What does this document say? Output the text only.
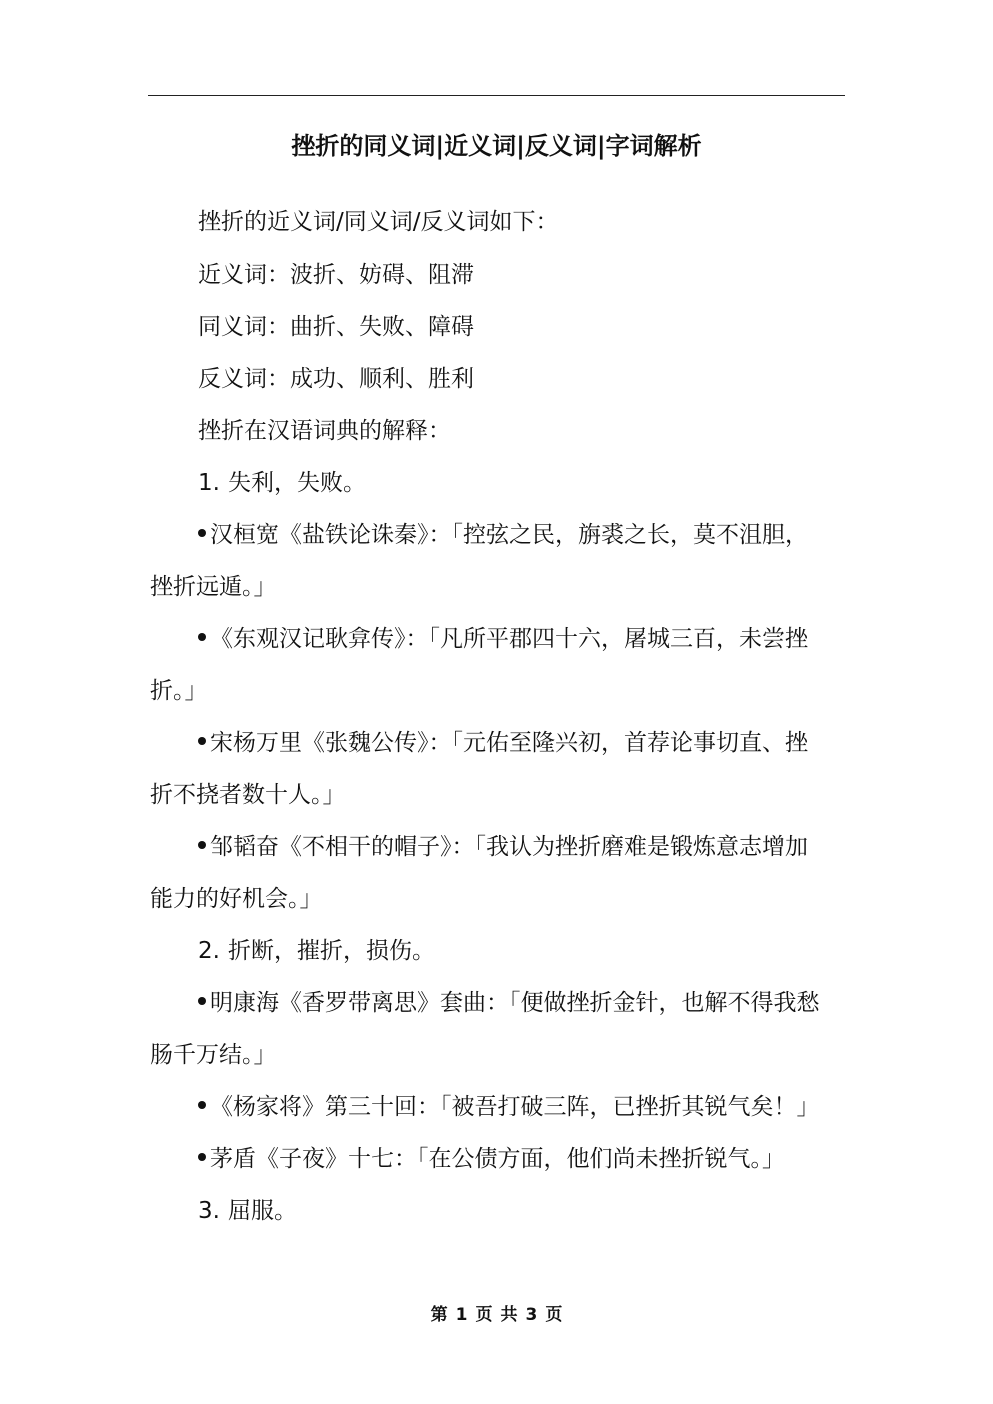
挫折的同义词|近义词|反义词|字词解析
挫折的近义词/同义词/反义词如下：
近义词：波折、妨碍、阻滞
同义词：曲折、失败、障碍
反义词：成功、顺利、胜利
挫折在汉语词典的解释：
1. 失利，失败。
汉桓宽《盐铁论诛秦》：「控弦之民，旃裘之长，莫不沮胆，
挫折远遁。」
《东观汉记耿弇传》：「凡所平郡四十六，屠城三百，未尝挫
折。」
宋杨万里《张魏公传》：「元佑至隆兴初，首荐论事切直、挫
折不挠者数十人。」
邹韬奋《不相干的帽子》：「我认为挫折磨难是锻炼意志增加
能力的好机会。」
2. 折断，摧折，损伤。
明康海《香罗带离思》套曲：「便做挫折金针，也解不得我愁
肠千万结。」
《杨家将》第三十回：「被吾打破三阵，已挫折其锐气矣！」
茅盾《子夜》十七：「在公债方面，他们尚未挫折锐气。」
3. 屈服。
第 1 页 共 3 页
